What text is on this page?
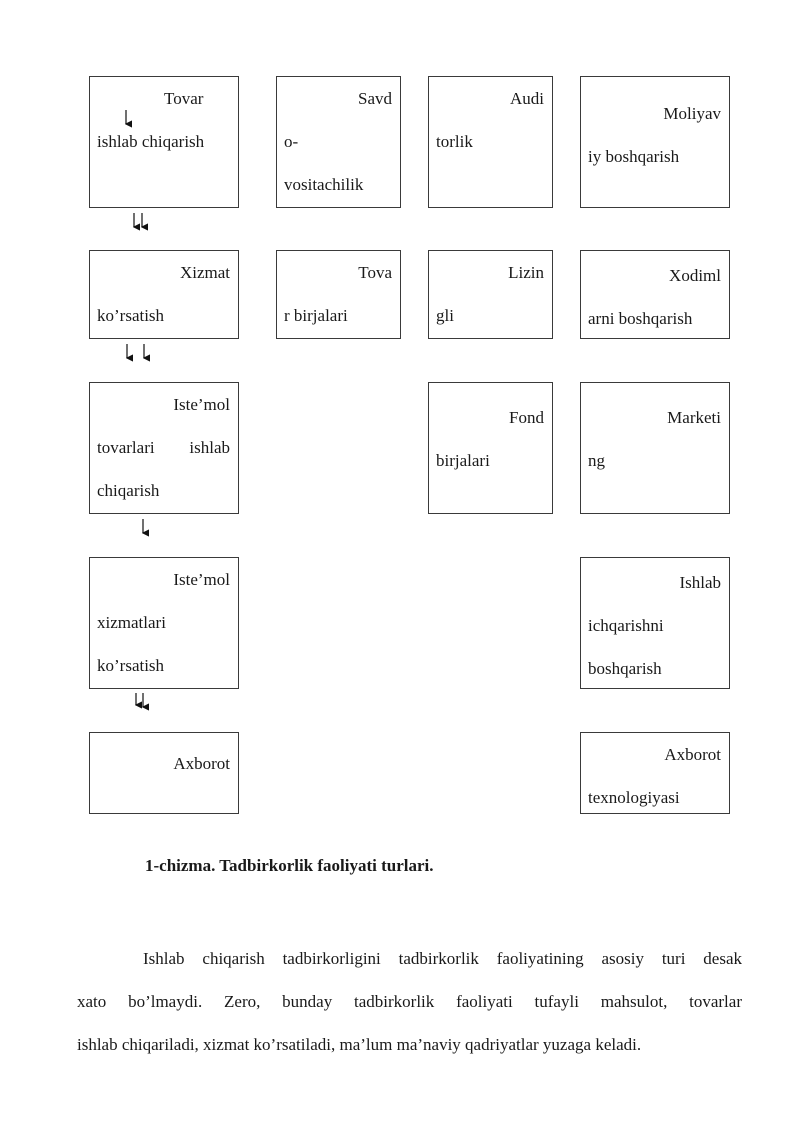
Tovar
ishlab chiqarish
Savd
o-
vositachilik
Audi
torlik
Moliyav
iy boshqarish
Xizmat
ko’rsatish
Tova
r birjalari
Lizin
gli
Xodiml
arni boshqarish
Iste’mol
tovarlari ishlab
chiqarish
Fond
birjalari
Marketi
ng
Iste’mol
xizmatlari
ko’rsatish
Ishlab
ichqarishni
boshqarish
Axborot	Axborot
texnologiyasi
1-chizma. Tadbirkorlik faoliyati turlari.
Ishlab chiqarish tadbirkorligini tadbirkorlik faoliyatining asosiy turi desak
xato bo’lmaydi. Zero, bunday tadbirkorlik faoliyati tufayli mahsulot, tovarlar
ishlab chiqariladi, xizmat ko’rsatiladi, ma’lum ma’naviy qadriyatlar yuzaga keladi.
